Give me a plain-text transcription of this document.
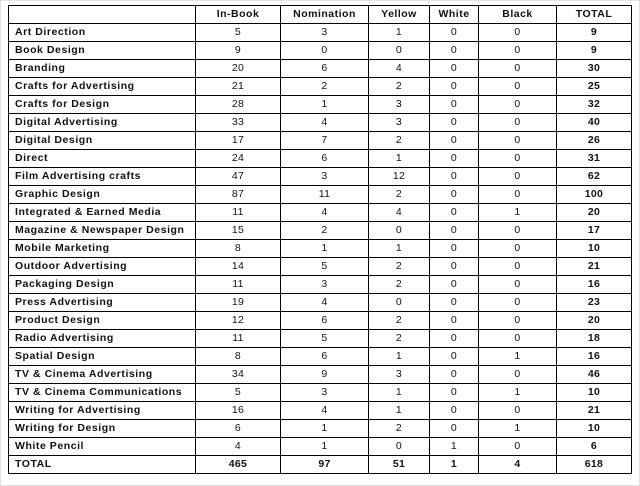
	In-Book	Nomination	Yellow	White	Black	TOTAL
Art Direction	5	3	1	0	0	9
Book Design	9	0	0	0	0	9
Branding	20	6	4	0	0	30
Crafts for Advertising	21	2	2	0	0	25
Crafts for Design	28	1	3	0	0	32
Digital Advertising	33	4	3	0	0	40
Digital Design	17	7	2	0	0	26
Direct	24	6	1	0	0	31
Film Advertising crafts	47	3	12	0	0	62
Graphic Design	87	11	2	0	0	100
Integrated & Earned Media	11	4	4	0	1	20
Magazine & Newspaper Design	15	2	0	0	0	17
Mobile Marketing	8	1	1	0	0	10
Outdoor Advertising	14	5	2	0	0	21
Packaging Design	11	3	2	0	0	16
Press Advertising	19	4	0	0	0	23
Product Design	12	6	2	0	0	20
Radio Advertising	11	5	2	0	0	18
Spatial Design	8	6	1	0	1	16
TV & Cinema Advertising	34	9	3	0	0	46
TV & Cinema Communications	5	3	1	0	1	10
Writing for Advertising	16	4	1	0	0	21
Writing for Design	6	1	2	0	1	10
White Pencil	4	1	0	1	0	6
TOTAL	465	97	51	1	4	618
